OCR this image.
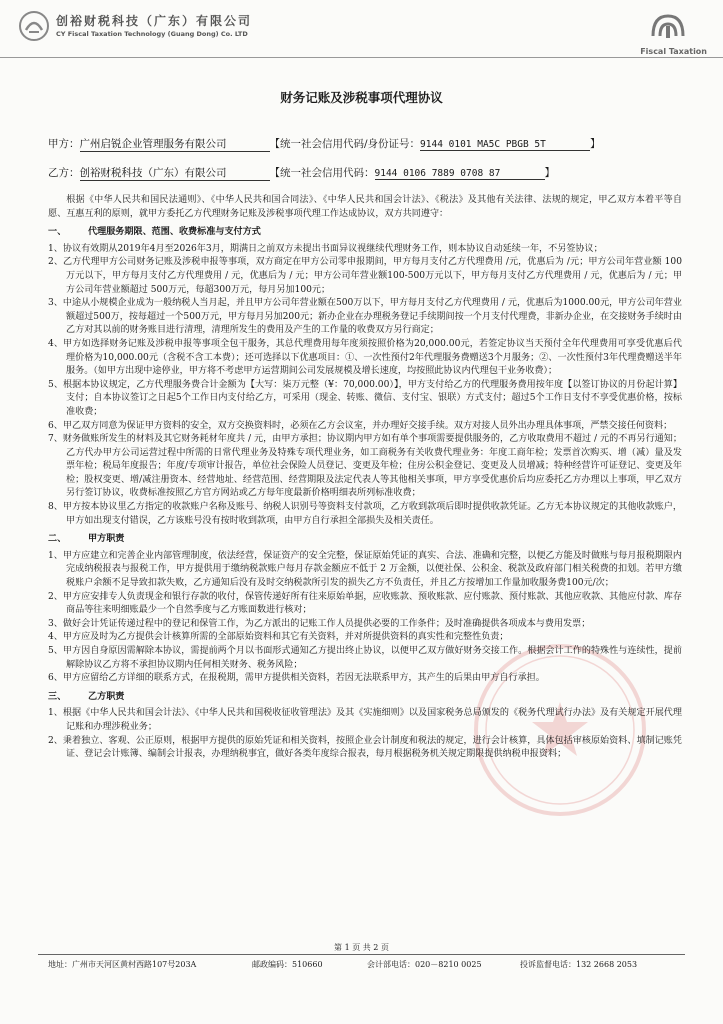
创裕财税科技（广东）有限公司
CY Fiscal Taxation Technology (Guang Dong) Co. LTD
Fiscal Taxation
财务记账及涉税事项代理协议
甲方：广州启锐企业管理服务有限公司	【统一社会信用代码/身份证号：9144 0101 MA5C PBGB 5T	】
乙方：创裕财税科技（广东）有限公司	【统一社会信用代码：9144 0106 7889 0708 87	】

根据《中华人民共和国民法通则》、《中华人民共和国合同法》、《中华人民共和国会计法》、《税法》及其他有关法律、法规的规定，甲乙双方本着平等自愿、互惠互利的原则，就甲方委托乙方代理财务记账及涉税事项代理工作达成协议，双方共同遵守：

一、 代理服务期限、范围、收费标准与支付方式

1、协议有效期从2019年4月至2026年3月，期满日之前双方未提出书面异议视继续代理财务工作，则本协议自动延续一年，不另签协议；

2、乙方代理甲方公司财务记账及涉税申报等事项，双方商定在甲方公司零申报期间，甲方每月支付乙方代理费用 /元，优惠后为 /元；甲方公司年营业额 100 万元以下，甲方每月支付乙方代理费用 / 元，优惠后为 / 元；甲方公司年营业额100-500万元以下，甲方每月支付乙方代理费用 / 元，优惠后为 / 元；甲方公司年营业额超过 500万元，每超300万元，每月另加100元；

3、中途从小规模企业成为一般纳税人当月起，并且甲方公司年营业额在500万以下，甲方每月支付乙方代理费用 / 元，优惠后为1000.00元，甲方公司年营业额超过500万，按每超过一个500万元，甲方每月另加200元；新办企业在办理税务登记手续期间按一个月支付代理费，非新办企业，在交接财务手续时由乙方对其以前的财务账目进行清理，清理所发生的费用及产生的工作量的收费双方另行商定；

4、甲方如选择财务记账及涉税申报等事项全包干服务，其总代理费用每年度须按照价格为20,000.00元，若签定协议当天预付全年代理费用可享受优惠后代理价格为10,000.00元（含税不含工本费）；还可选择以下优惠项目：①、一次性预付2年代理服务费赠送3个月服务；②、一次性预付3年代理费赠送半年服务。（如甲方出现中途停业，甲方将不考虑甲方运营期间公司发展规模及增长速度，均按照此协议内代理包干业务收费）；

5、根据本协议规定，乙方代理服务费合计金额为【大写：柒万元整（¥：70,000.00）】，甲方支付给乙方的代理服务费用按年度【以签订协议的月份起计算】支付；自本协议签订之日起5个工作日内支付给乙方，可采用（现金、转账、微信、支付宝、银联）方式支付；超过5个工作日支付不享受优惠价格，按标准收费；

6、甲乙双方同意为保证甲方资料的安全，双方交换资料时，必须在乙方会议室，并办理好交接手续。双方对接人员外出办理具体事项，严禁交接任何资料；

7、财务做账所发生的材料及其它财务耗材年度共 / 元，由甲方承担；协议期内甲方如有单个事项需要提供服务的，乙方收取费用不超过 / 元的不再另行通知；乙方代办甲方公司运营过程中所需的日常代理业务及特殊专项代理业务，如工商税务有关收费代理业务：年度工商年检；发票首次购买、增（减）量及发票年检；税局年度报告；年度/专项审计报告，单位社会保险人员登记、变更及年检；住房公积金登记、变更及人员增减；特种经营许可证登记、变更及年检；股权变更、增/减注册资本、经营地址、经营范围、经营期限及法定代表人等其他相关事项，甲方享受优惠价后均应委托乙方办理以上事项，甲乙双方另行签订协议，收费标准按照乙方官方网站或乙方每年度最新价格明细表所列标准收费；

8、甲方按本协议里乙方指定的收款账户名称及账号、纳税人识别号等资料支付款项，乙方收到款项后即时提供收款凭证。乙方无本协议规定的其他收款账户，甲方如出现支付错误，乙方该账号没有按时收到款项，由甲方自行承担全部损失及相关责任。

二、 甲方职责

1、甲方应建立和完善企业内部管理制度，依法经营，保证资产的安全完整，保证原始凭证的真实、合法、准确和完整，以便乙方能及时做账与每月报税期限内完成纳税报表与报税工作，甲方提供用于缴纳税款账户每月存款金额应不低于 2 万金额，以便社保、公积金、税款及政府部门相关税费的扣划。若甲方缴税账户余额不足导致扣款失败，乙方通知后没有及时交纳税款所引发的损失乙方不负责任，并且乙方按增加工作量加收服务费100元/次；

2、甲方应安排专人负责现金和银行存款的收付，保管传递好所有往来原始单据，应收账款、预收账款、应付账款、预付账款、其他应收款、其他应付款、库存商品等往来明细账最少一个自然季度与乙方账面数进行核对；

3、做好会计凭证传递过程中的登记和保管工作，为乙方派出的记账工作人员提供必要的工作条件；及时准确提供各项成本与费用发票；

4、甲方应及时为乙方提供会计核算所需的全部原始资料和其它有关资料，并对所提供资料的真实性和完整性负责；

5、甲方因自身原因需解除本协议，需提前两个月以书面形式通知乙方提出终止协议，以便甲乙双方做好财务交接工作。根据会计工作的特殊性与连续性，提前解除协议乙方将不承担协议期内任何相关财务、税务风险；

6、甲方应留给乙方详细的联系方式，在报税期，需甲方提供相关资料，若因无法联系甲方，其产生的后果由甲方自行承担。

三、 乙方职责

1、根据《中华人民共和国会计法》、《中华人民共和国税收征收管理法》及其《实施细则》以及国家税务总局颁发的《税务代理试行办法》及有关规定开展代理记账和办理涉税业务；

2、秉着独立、客观、公正原则，根据甲方提供的原始凭证和相关资料，按照企业会计制度和税法的规定，进行会计核算，具体包括审核原始资料、填制记账凭证、登记会计账簿、编制会计报表，办理纳税事宜，做好各类年度综合报表，每月根据税务机关规定期限提供纳税申报资料；

第 1 页 共 2 页
地址：广州市天河区黄村西路107号203A	邮政编码：510660	会计部电话：020－8210 0025	投诉监督电话：132 2668 2053
